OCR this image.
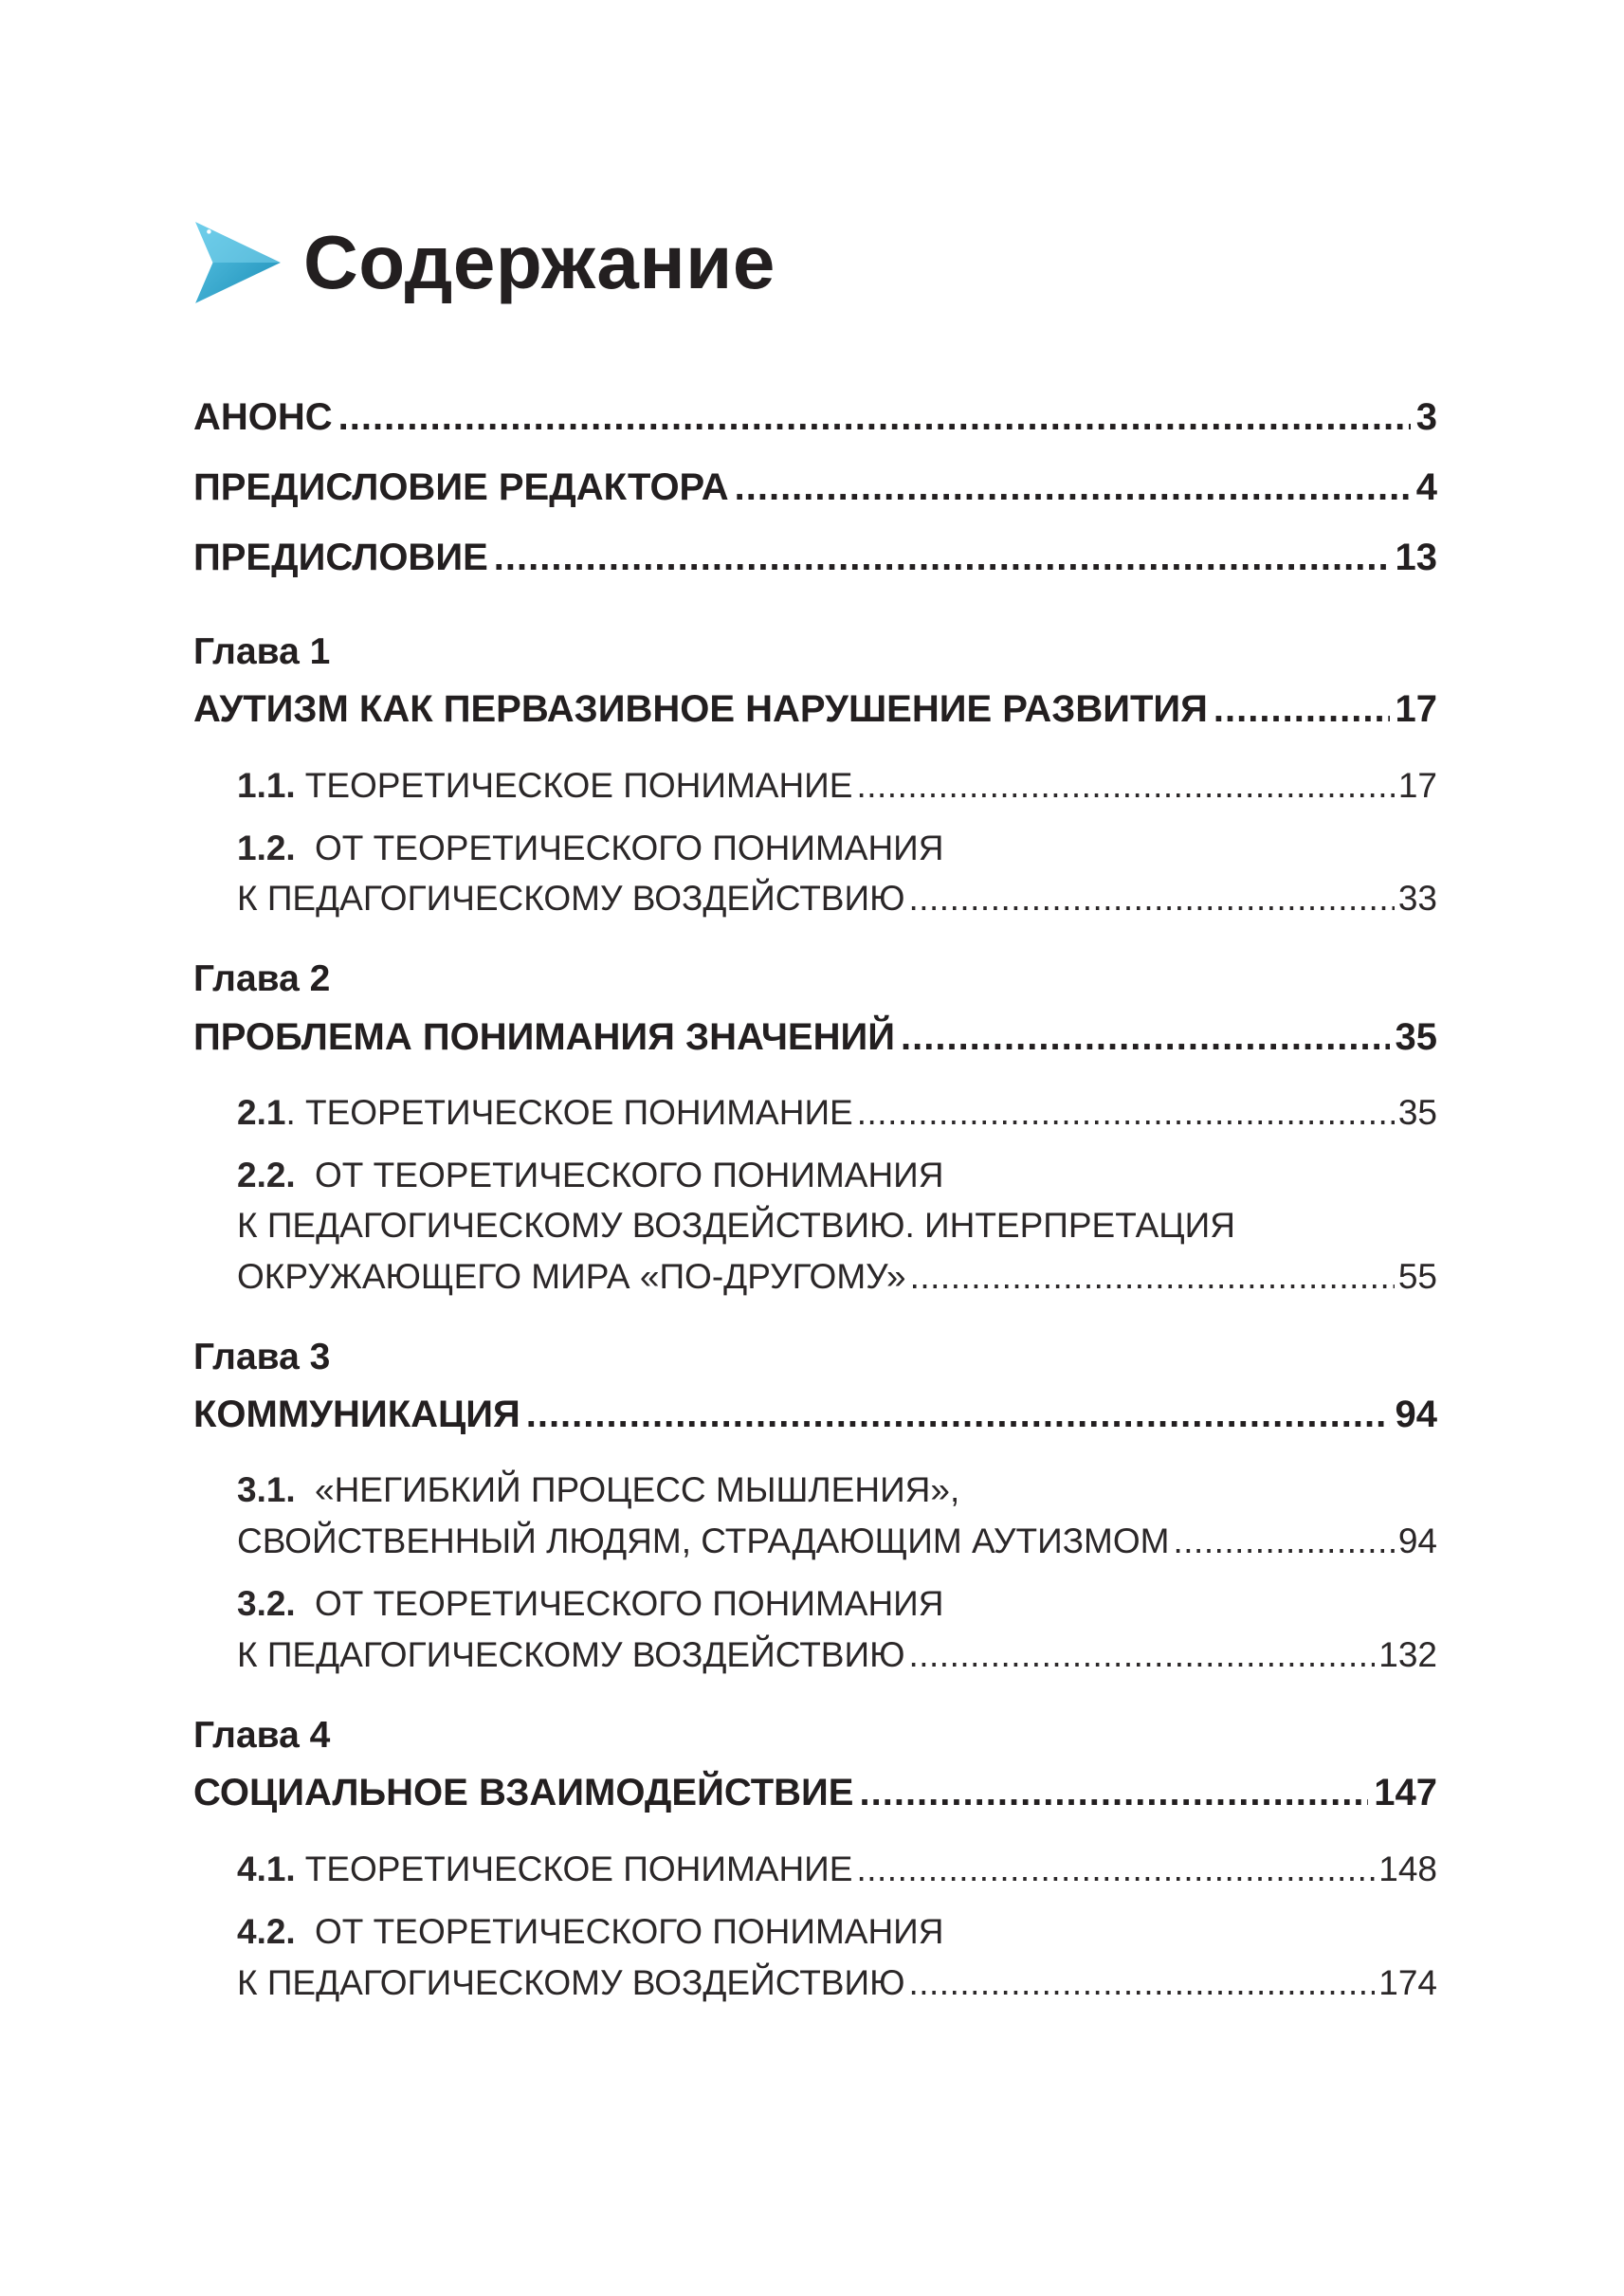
Содержание
АНОНС .....	3
ПРЕДИСЛОВИЕ РЕДАКТОРА .....	4
ПРЕДИСЛОВИЕ .....	13
Глава 1
АУТИЗМ КАК ПЕРВАЗИВНОЕ НАРУШЕНИЕ РАЗВИТИЯ .....	17
1.1. ТЕОРЕТИЧЕСКОЕ ПОНИМАНИЕ .....	17
1.2. ОТ ТЕОРЕТИЧЕСКОГО ПОНИМАНИЯ
К ПЕДАГОГИЧЕСКОМУ ВОЗДЕЙСТВИЮ .....	33
Глава 2
ПРОБЛЕМА ПОНИМАНИЯ ЗНАЧЕНИЙ .....	35
2.1 . ТЕОРЕТИЧЕСКОЕ ПОНИМАНИЕ .....	35
2.2. ОТ ТЕОРЕТИЧЕСКОГО ПОНИМАНИЯ
К ПЕДАГОГИЧЕСКОМУ ВОЗДЕЙСТВИЮ. ИНТЕРПРЕТАЦИЯ
ОКРУЖАЮЩЕГО МИРА «ПО-ДРУГОМУ» .....	55
Глава 3
КОММУНИКАЦИЯ .....	94
3.1. «НЕГИБКИЙ ПРОЦЕСС МЫШЛЕНИЯ»,
СВОЙСТВЕННЫЙ ЛЮДЯМ, СТРАДАЮЩИМ АУТИЗМОМ .....	94
3.2. ОТ ТЕОРЕТИЧЕСКОГО ПОНИМАНИЯ
К ПЕДАГОГИЧЕСКОМУ ВОЗДЕЙСТВИЮ .....	132
Глава 4
СОЦИАЛЬНОЕ ВЗАИМОДЕЙСТВИЕ .....	147
4.1. ТЕОРЕТИЧЕСКОЕ ПОНИМАНИЕ .....	148
4.2. ОТ ТЕОРЕТИЧЕСКОГО ПОНИМАНИЯ
К ПЕДАГОГИЧЕСКОМУ ВОЗДЕЙСТВИЮ .....	174
